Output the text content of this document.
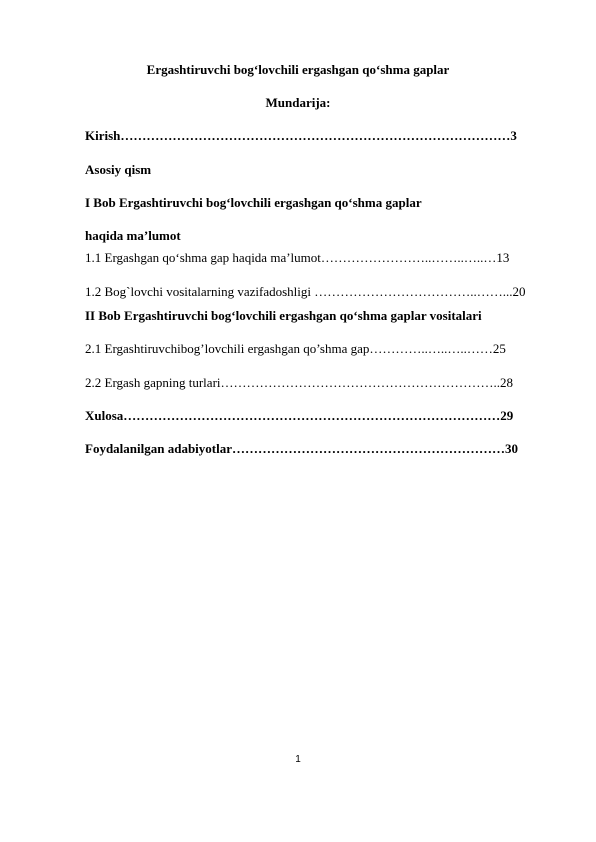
Ergashtiruvchi bog‘lovchili ergashgan qo‘shma gaplar
Mundarija:
Kirish………………………………………………………………………………3
Asosiy qism
I Bob Ergashtiruvchi bog‘lovchili ergashgan qo‘shma gaplar
haqida ma’lumot
1.1 Ergashgan qo‘shma gap haqida ma’lumot……………………..……..…..…13
1.2 Bog`lovchi vositalarning vazifadoshligi ………………………………..……...20
II Bob Ergashtiruvchi bog‘lovchili ergashgan qo‘shma gaplar vositalari
2.1 Ergashtiruvchibog’lovchili ergashgan qo’shma gap…………..…..…..……25
2.2 Ergash gapning turlari………………………………………………………..28
Xulosa……………………………………………………………………………29
Foydalanilgan adabiyotlar………………………………………………………30
1
